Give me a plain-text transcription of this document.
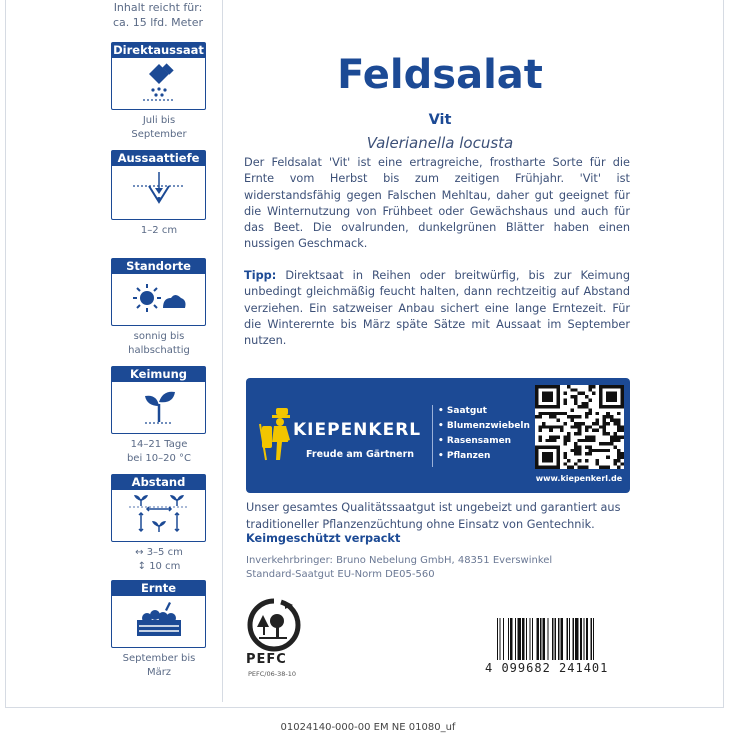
Inhalt reicht für:
ca. 15 lfd. Meter
Direktaussaat
Juli bis
September
Aussaattiefe
1–2 cm
Standorte
sonnig bis
halbschattig
Keimung
14–21 Tage
bei 10–20 °C
Abstand
↔ 3–5 cm
↕ 10 cm
Ernte
September bis
März
Feldsalat
Vit
Valerianella locusta
Der Feldsalat 'Vit' ist eine ertragreiche, frostharte Sorte für die Ernte vom Herbst bis zum zeitigen Frühjahr. 'Vit' ist widerstandsfähig gegen Falschen Mehltau, daher gut geeignet für die Winternutzung von Frühbeet oder Gewächshaus und auch für das Beet. Die ovalrunden, dunkelgrünen Blätter haben einen nussigen Geschmack.
Tipp: Direktsaat in Reihen oder breitwürfig, bis zur Keimung unbedingt gleichmäßig feucht halten, dann rechtzeitig auf Abstand verziehen. Ein satzweiser Anbau sichert eine lange Erntezeit. Für die Winterernte bis März späte Sätze mit Aussaat im September nutzen.
KIEPENKERL
Freude am Gärtnern
• Saatgut
• Blumenzwiebeln
• Rasensamen
• Pflanzen
www.kiepenkerl.de
Unser gesamtes Qualitätssaatgut ist ungebeizt und garantiert aus traditioneller Pflanzenzüchtung ohne Einsatz von Gentechnik.
Keimgeschützt verpackt
Inverkehrbringer: Bruno Nebelung GmbH, 48351 Everswinkel
Standard-Saatgut EU-Norm DE05-560
PEFC
PEFC/06-38-10	4 099682 241401
01024140-000-00 EM NE 01080_uf
